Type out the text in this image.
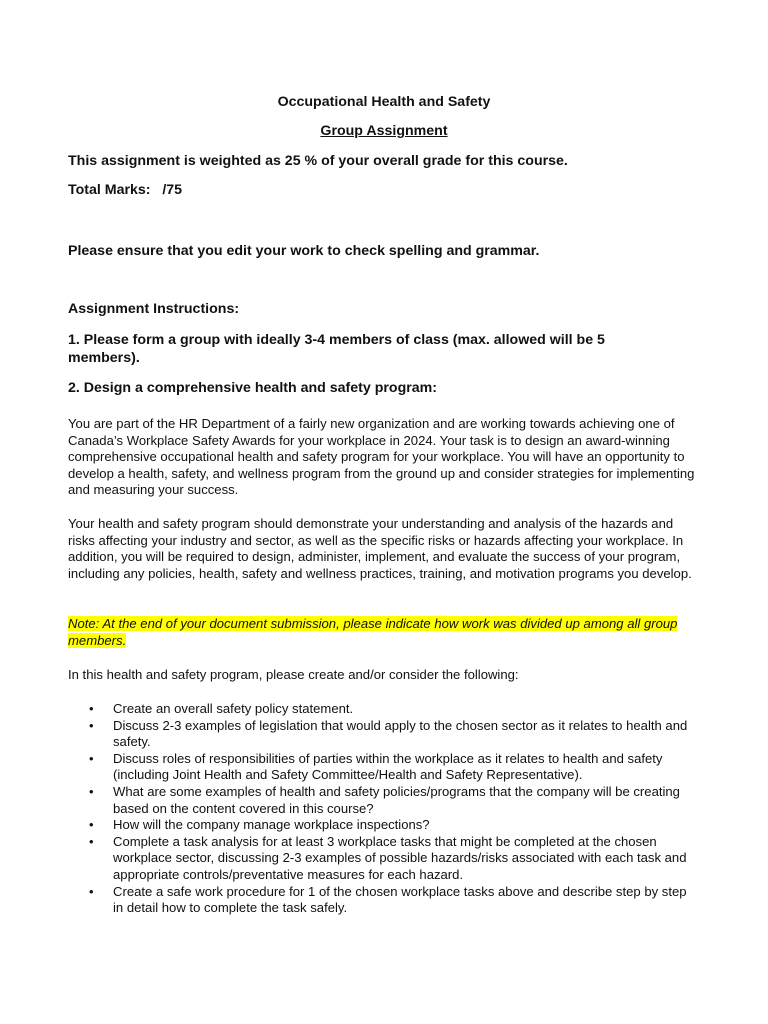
Occupational Health and Safety
Group Assignment
This assignment is weighted as 25 % of your overall grade for this course.
Total Marks:   /75
Please ensure that you edit your work to check spelling and grammar.
Assignment Instructions:
1. Please form a group with ideally 3-4 members of class (max. allowed will be 5 members).
2. Design a comprehensive health and safety program:
You are part of the HR Department of a fairly new organization and are working towards achieving one of Canada’s Workplace Safety Awards for your workplace in 2024. Your task is to design an award-winning comprehensive occupational health and safety program for your workplace. You will have an opportunity to develop a health, safety, and wellness program from the ground up and consider strategies for implementing and measuring your success.
Your health and safety program should demonstrate your understanding and analysis of the hazards and risks affecting your industry and sector, as well as the specific risks or hazards affecting your workplace. In addition, you will be required to design, administer, implement, and evaluate the success of your program, including any policies, health, safety and wellness practices, training, and motivation programs you develop.
Note: At the end of your document submission, please indicate how work was divided up among all group members.
In this health and safety program, please create and/or consider the following:
• Create an overall safety policy statement.
• Discuss 2-3 examples of legislation that would apply to the chosen sector as it relates to health and safety.
• Discuss roles of responsibilities of parties within the workplace as it relates to health and safety (including Joint Health and Safety Committee/Health and Safety Representative).
• What are some examples of health and safety policies/programs that the company will be creating based on the content covered in this course?
• How will the company manage workplace inspections?
• Complete a task analysis for at least 3 workplace tasks that might be completed at the chosen workplace sector, discussing 2-3 examples of possible hazards/risks associated with each task and appropriate controls/preventative measures for each hazard.
• Create a safe work procedure for 1 of the chosen workplace tasks above and describe step by step in detail how to complete the task safely.
